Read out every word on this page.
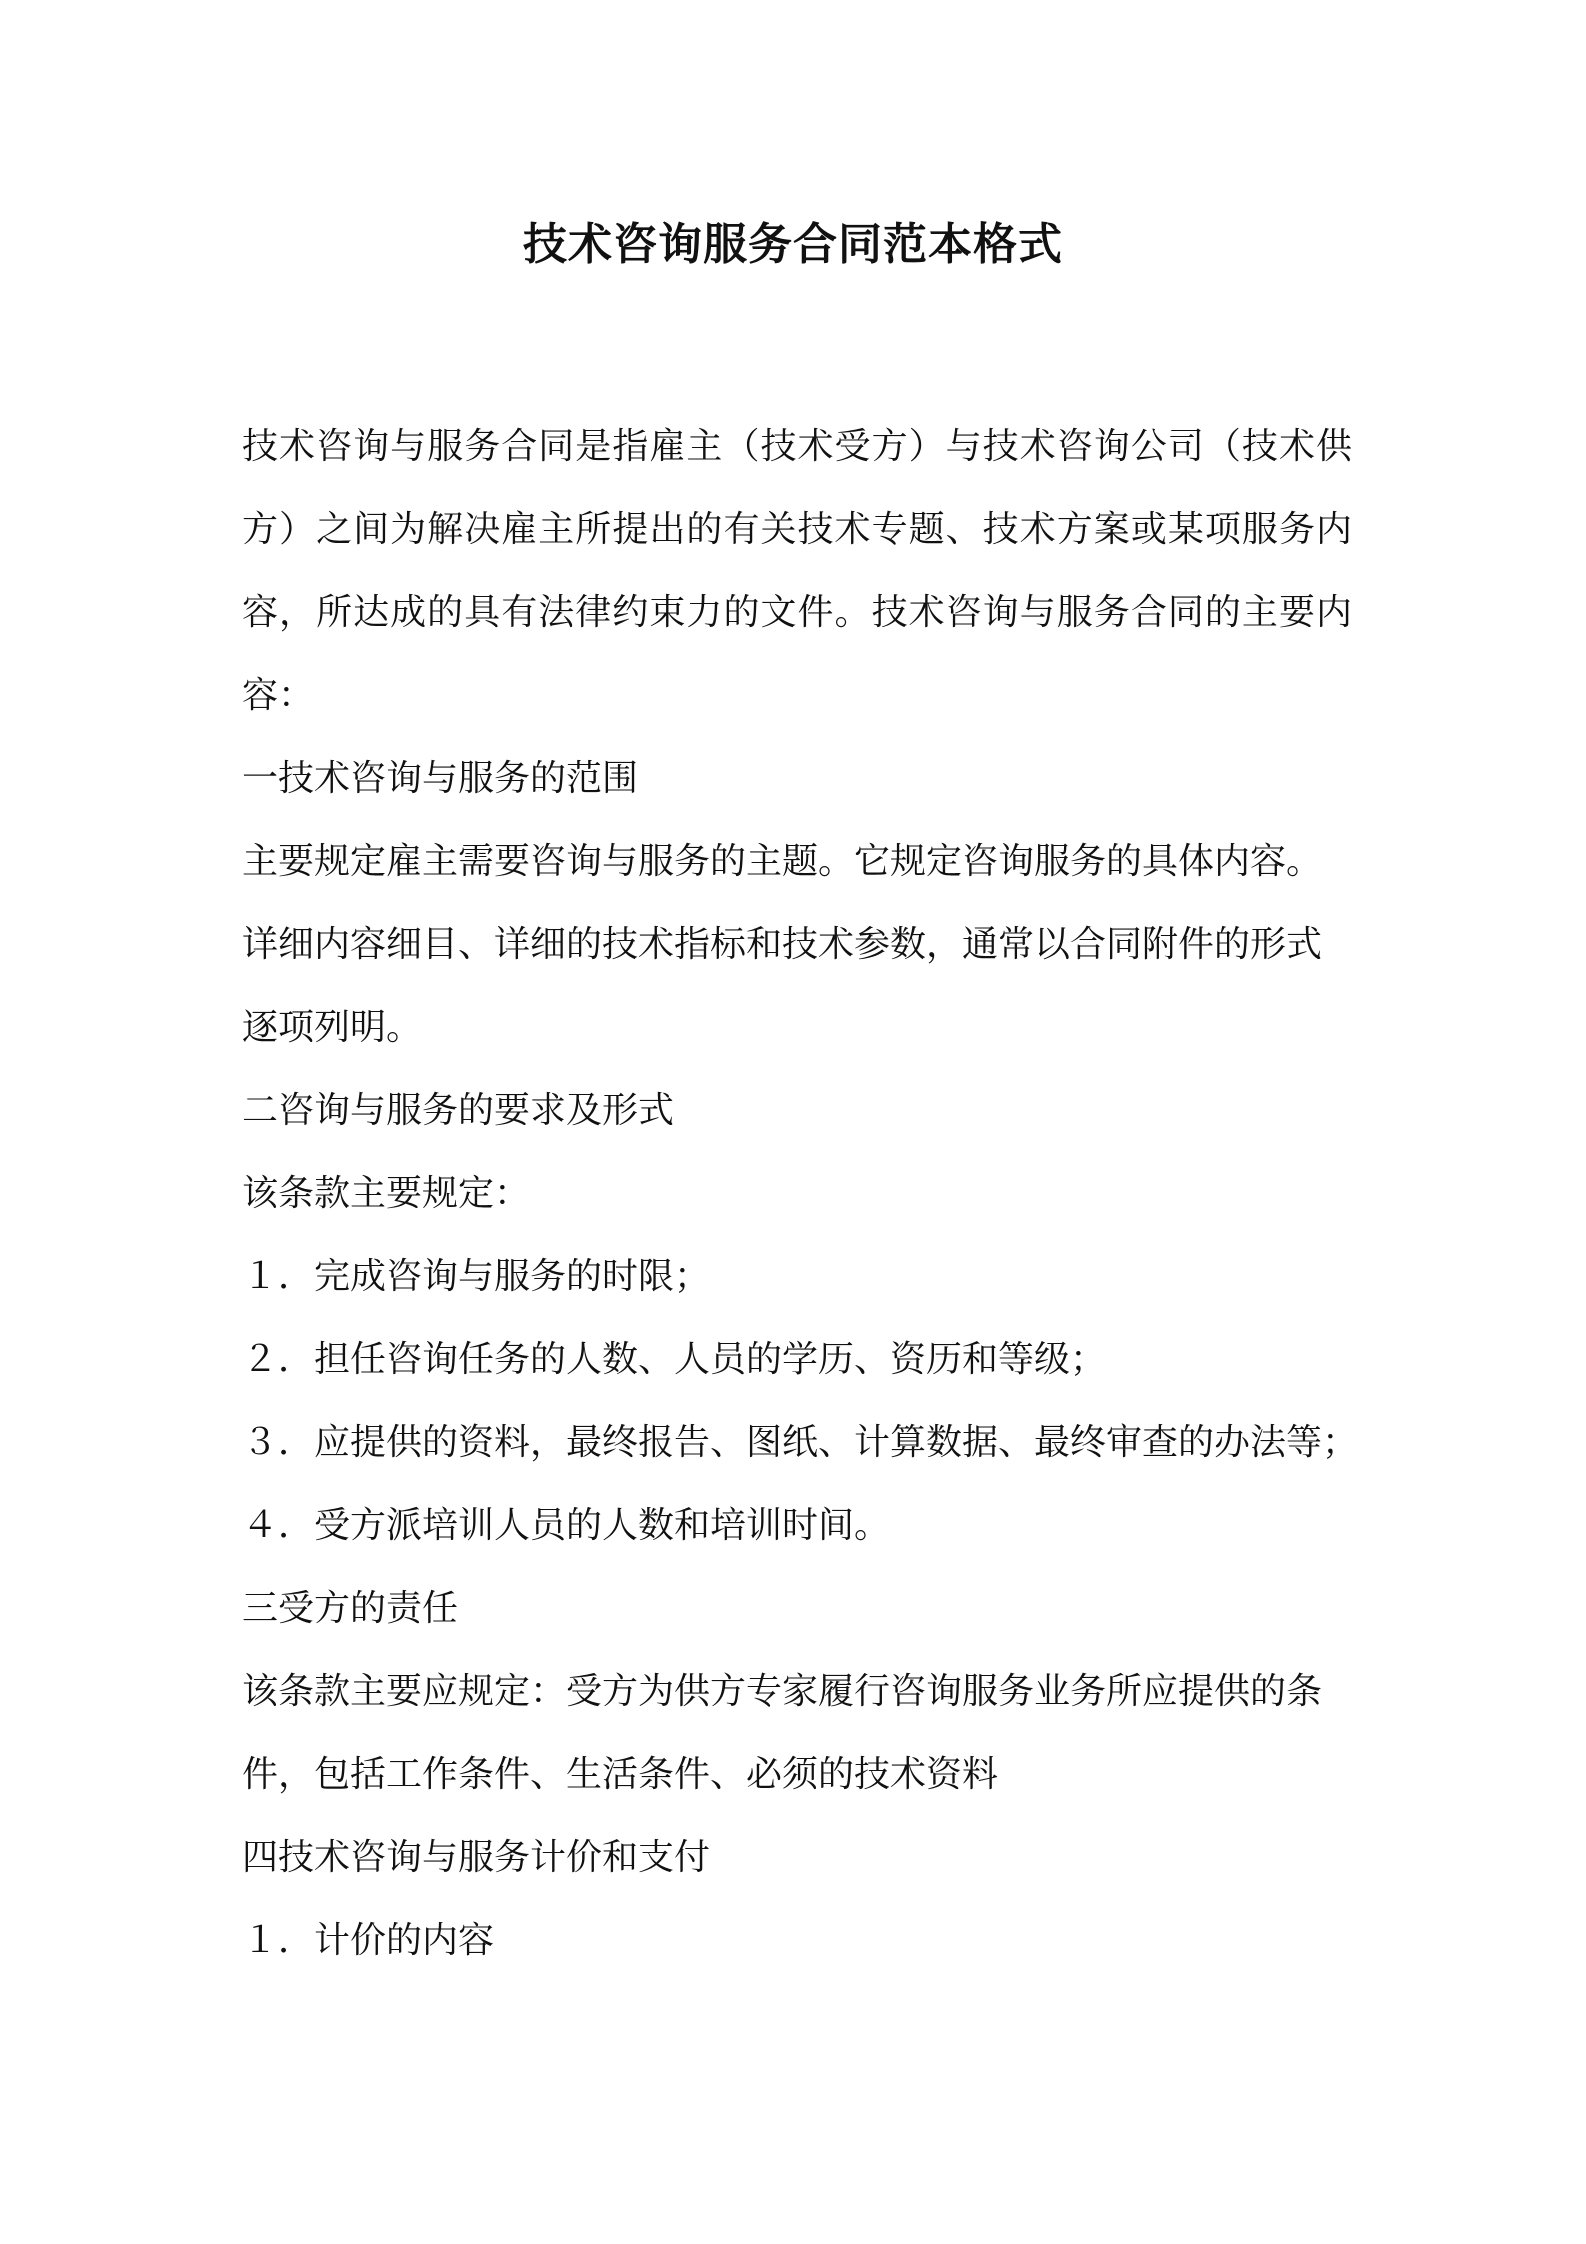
技术咨询服务合同范本格式
技术咨询与服务合同是指雇主（技术受方）与技术咨询公司（技术供方）之间为解决雇主所提出的有关技术专题、技术方案或某项服务内容，所达成的具有法律约束力的文件。技术咨询与服务合同的主要内容：
一技术咨询与服务的范围
主要规定雇主需要咨询与服务的主题。它规定咨询服务的具体内容。
详细内容细目、详细的技术指标和技术参数，通常以合同附件的形式
逐项列明。
二咨询与服务的要求及形式
该条款主要规定：
１．完成咨询与服务的时限；
２．担任咨询任务的人数、人员的学历、资历和等级；
３．应提供的资料，最终报告、图纸、计算数据、最终审查的办法等；
４．受方派培训人员的人数和培训时间。
三受方的责任
该条款主要应规定：受方为供方专家履行咨询服务业务所应提供的条
件，包括工作条件、生活条件、必须的技术资料
四技术咨询与服务计价和支付
１．计价的内容
